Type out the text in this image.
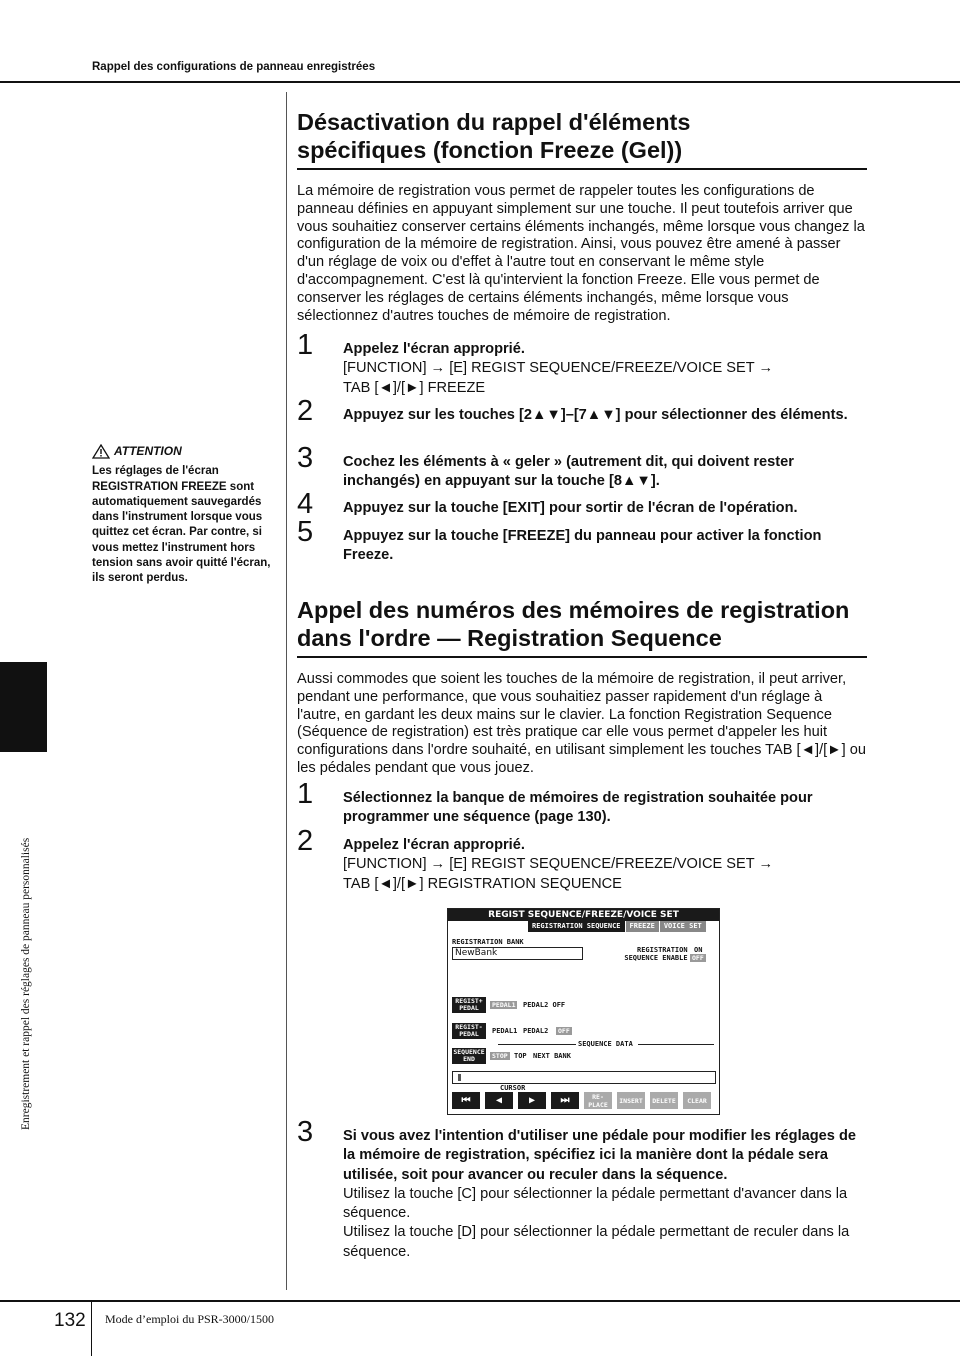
Rappel des configurations de panneau enregistrées
Enregistrement et rappel des réglages de panneau personnalisés
ATTENTION
Les réglages de l'écran REGISTRATION FREEZE sont automatiquement sauvegardés dans l'instrument lorsque vous quittez cet écran. Par contre, si vous mettez l'instrument hors tension sans avoir quitté l'écran, ils seront perdus.
Désactivation du rappel d'éléments
spécifiques (fonction Freeze (Gel))
La mémoire de registration vous permet de rappeler toutes les configurations de panneau définies en appuyant simplement sur une touche. Il peut toutefois arriver que vous souhaitiez conserver certains éléments inchangés, même lorsque vous changez la configuration de la mémoire de registration. Ainsi, vous pouvez être amené à passer d'un réglage de voix ou d'effet à l'autre tout en conservant le même style d'accompagnement. C'est là qu'intervient la fonction Freeze. Elle vous permet de conserver les réglages de certains éléments inchangés, même lorsque vous sélectionnez d'autres touches de mémoire de registration.
1 Appelez l'écran approprié.
[FUNCTION] → [E] REGIST SEQUENCE/FREEZE/VOICE SET →
TAB [◄]/[►] FREEZE
2 Appuyez sur les touches [2▲▼]–[7▲▼] pour sélectionner des éléments.
3 Cochez les éléments à « geler » (autrement dit, qui doivent rester inchangés) en appuyant sur la touche [8▲▼].
4 Appuyez sur la touche [EXIT] pour sortir de l'écran de l'opération.
5 Appuyez sur la touche [FREEZE] du panneau pour activer la fonction Freeze.
Appel des numéros des mémoires de registration
dans l'ordre — Registration Sequence
Aussi commodes que soient les touches de la mémoire de registration, il peut arriver, pendant une performance, que vous souhaitiez passer rapidement d'un réglage à l'autre, en gardant les deux mains sur le clavier. La fonction Registration Sequence (Séquence de registration) est très pratique car elle vous permet d'appeler les huit configurations dans l'ordre souhaité, en utilisant simplement les touches TAB [◄]/[►] ou les pédales pendant que vous jouez.
1 Sélectionnez la banque de mémoires de registration souhaitée pour programmer une séquence (page 130).
2 Appelez l'écran approprié.
[FUNCTION] → [E] REGIST SEQUENCE/FREEZE/VOICE SET →
TAB [◄]/[►] REGISTRATION SEQUENCE
REGIST SEQUENCE/FREEZE/VOICE SET
REGISTRATION SEQUENCE	FREEZE	VOICE SET
REGISTRATION BANK
NewBank	REGISTRATION
SEQUENCE ENABLE
ON
OFF
REGIST+
PEDAL	PEDAL1 PEDAL2 OFF
REGIST-
PEDAL	PEDAL1 PEDAL2	OFF
SEQUENCE DATA
SEQUENCE
END	STOP TOP NEXT BANK
CURSOR
⏮	◀	▶	⏭	RE-PLACE	INSERT	DELETE	CLEAR
3 Si vous avez l'intention d'utiliser une pédale pour modifier les réglages de la mémoire de registration, spécifiez ici la manière dont la pédale sera utilisée, soit pour avancer ou reculer dans la séquence.
Utilisez la touche [C] pour sélectionner la pédale permettant d'avancer dans la séquence.
Utilisez la touche [D] pour sélectionner la pédale permettant de reculer dans la séquence.
132 Mode d’emploi du PSR-3000/1500
